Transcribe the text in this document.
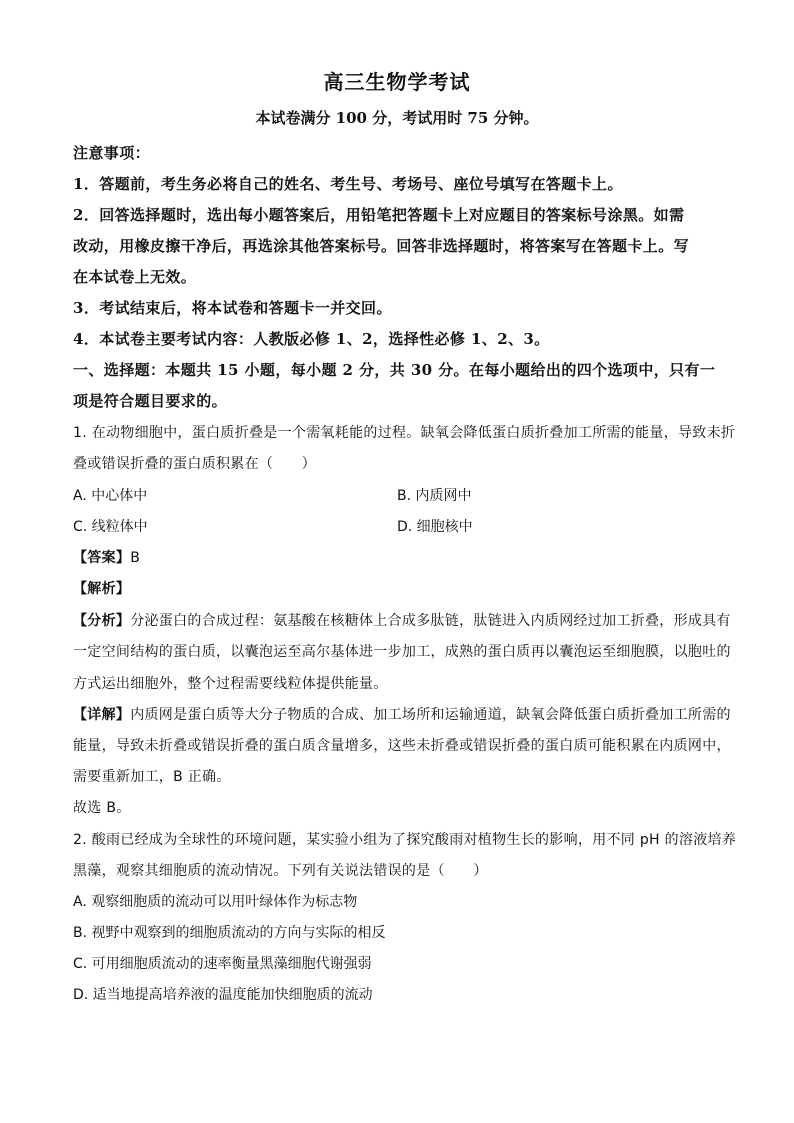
高三生物学考试
本试卷满分 100 分，考试用时 75 分钟。
注意事项：
1．答题前，考生务必将自己的姓名、考生号、考场号、座位号填写在答题卡上。
2．回答选择题时，选出每小题答案后，用铅笔把答题卡上对应题目的答案标号涂黑。如需
改动，用橡皮擦干净后，再选涂其他答案标号。回答非选择题时，将答案写在答题卡上。写
在本试卷上无效。
3．考试结束后，将本试卷和答题卡一并交回。
4．本试卷主要考试内容：人教版必修 1、2，选择性必修 1、2、3。
一、选择题：本题共 15 小题，每小题 2 分，共 30 分。在每小题给出的四个选项中，只有一
项是符合题目要求的。
1. 在动物细胞中，蛋白质折叠是一个需氧耗能的过程。缺氧会降低蛋白质折叠加工所需的能量，导致未折
叠或错误折叠的蛋白质积累在（　　）
A. 中心体中	B. 内质网中
C. 线粒体中	D. 细胞核中
【答案】B
【解析】
【分析】分泌蛋白的合成过程：氨基酸在核糖体上合成多肽链，肽链进入内质网经过加工折叠，形成具有
一定空间结构的蛋白质，以囊泡运至高尔基体进一步加工，成熟的蛋白质再以囊泡运至细胞膜，以胞吐的
方式运出细胞外，整个过程需要线粒体提供能量。
【详解】内质网是蛋白质等大分子物质的合成、加工场所和运输通道，缺氧会降低蛋白质折叠加工所需的
能量，导致未折叠或错误折叠的蛋白质含量增多，这些未折叠或错误折叠的蛋白质可能积累在内质网中，
需要重新加工，B 正确。
故选 B。
2. 酸雨已经成为全球性的环境问题，某实验小组为了探究酸雨对植物生长的影响，用不同 pH 的溶液培养
黑藻，观察其细胞质的流动情况。下列有关说法错误的是（　　）
A. 观察细胞质的流动可以用叶绿体作为标志物
B. 视野中观察到的细胞质流动的方向与实际的相反
C. 可用细胞质流动的速率衡量黑藻细胞代谢强弱
D. 适当地提高培养液的温度能加快细胞质的流动
